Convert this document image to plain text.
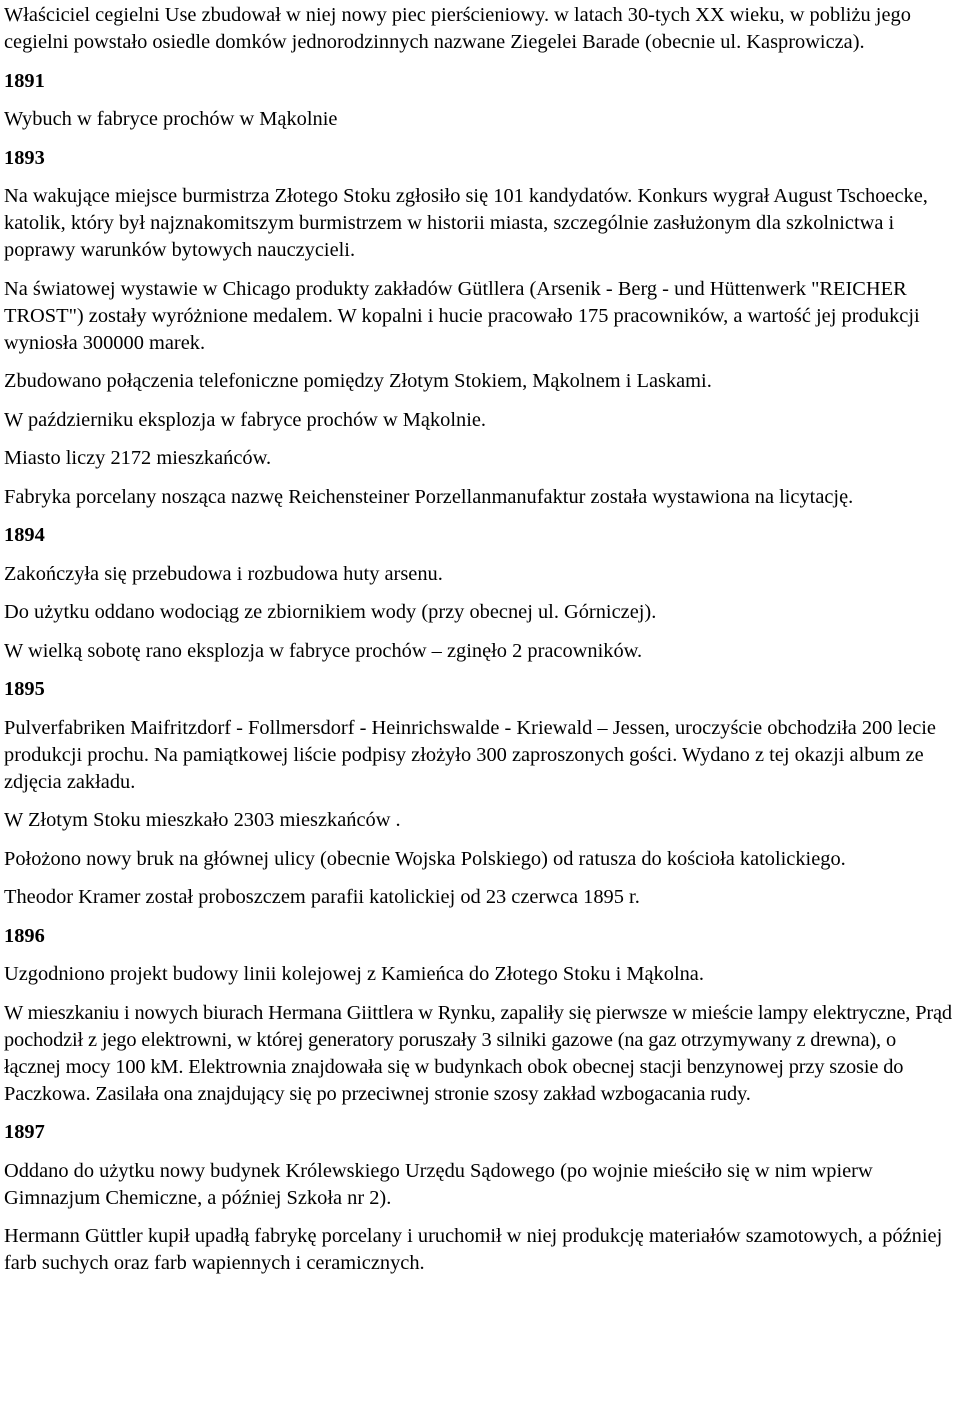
Właściciel cegielni Use zbudował w niej nowy piec pierścieniowy. w latach 30-tych XX wieku, w pobliżu jego cegielni powstało osiedle domków jednorodzinnych nazwane Ziegelei Barade (obecnie ul. Kasprowicza).
1891
Wybuch w fabryce prochów w Mąkolnie
1893
Na wakujące miejsce burmistrza Złotego Stoku zgłosiło się 101 kandydatów. Konkurs wygrał August Tschoecke, katolik, który był najznakomitszym burmistrzem w historii miasta, szczególnie zasłużonym dla szkolnictwa i poprawy warunków bytowych nauczycieli.
Na światowej wystawie w Chicago produkty zakładów Gütllera (Arsenik - Berg - und Hüttenwerk "REICHER TROST") zostały wyróżnione medalem. W kopalni i hucie pracowało 175 pracowników, a wartość jej produkcji wyniosła 300000 marek.
Zbudowano połączenia telefoniczne pomiędzy Złotym Stokiem, Mąkolnem i Laskami.
W październiku eksplozja w fabryce prochów w Mąkolnie.
Miasto liczy 2172 mieszkańców.
Fabryka porcelany nosząca nazwę Reichensteiner Porzellanmanufaktur została wystawiona na licytację.
1894
Zakończyła się przebudowa i rozbudowa huty arsenu.
Do użytku oddano wodociąg ze zbiornikiem wody (przy obecnej ul. Górniczej).
W wielką sobotę rano eksplozja w fabryce prochów ‒ zginęło 2 pracowników.
1895
Pulverfabriken Maifritzdorf - Follmersdorf - Heinrichswalde - Kriewald ‒ Jessen, uroczyście obchodziła 200 lecie produkcji prochu. Na pamiątkowej liście podpisy złożyło 300 zaproszonych gości. Wydano z tej okazji album ze zdjęcia zakładu.
W Złotym Stoku mieszkało 2303 mieszkańców .
Położono nowy bruk na głównej ulicy (obecnie Wojska Polskiego) od ratusza do kościoła katolickiego.
Theodor Kramer został proboszczem parafii katolickiej od 23 czerwca 1895 r.
1896
Uzgodniono projekt budowy linii kolejowej z Kamieńca do Złotego Stoku i Mąkolna.
W mieszkaniu i nowych biurach Hermana Giittlera w Rynku, zapaliły się pierwsze w mieście lampy elektryczne, Prąd pochodził z jego elektrowni, w której generatory poruszały 3 silniki gazowe (na gaz otrzymywany z drewna), o łącznej mocy 100 kM. Elektrownia znajdowała się w budynkach obok obecnej stacji benzynowej przy szosie do Paczkowa. Zasilała ona znajdujący się po przeciwnej stronie szosy zakład wzbogacania rudy.
1897
Oddano do użytku nowy budynek Królewskiego Urzędu Sądowego (po wojnie mieściło się w nim wpierw Gimnazjum Chemiczne, a później Szkoła nr 2).
Hermann Güttler kupił upadłą fabrykę porcelany i uruchomił w niej produkcję materiałów szamotowych, a później farb suchych oraz farb wapiennych i ceramicznych.
